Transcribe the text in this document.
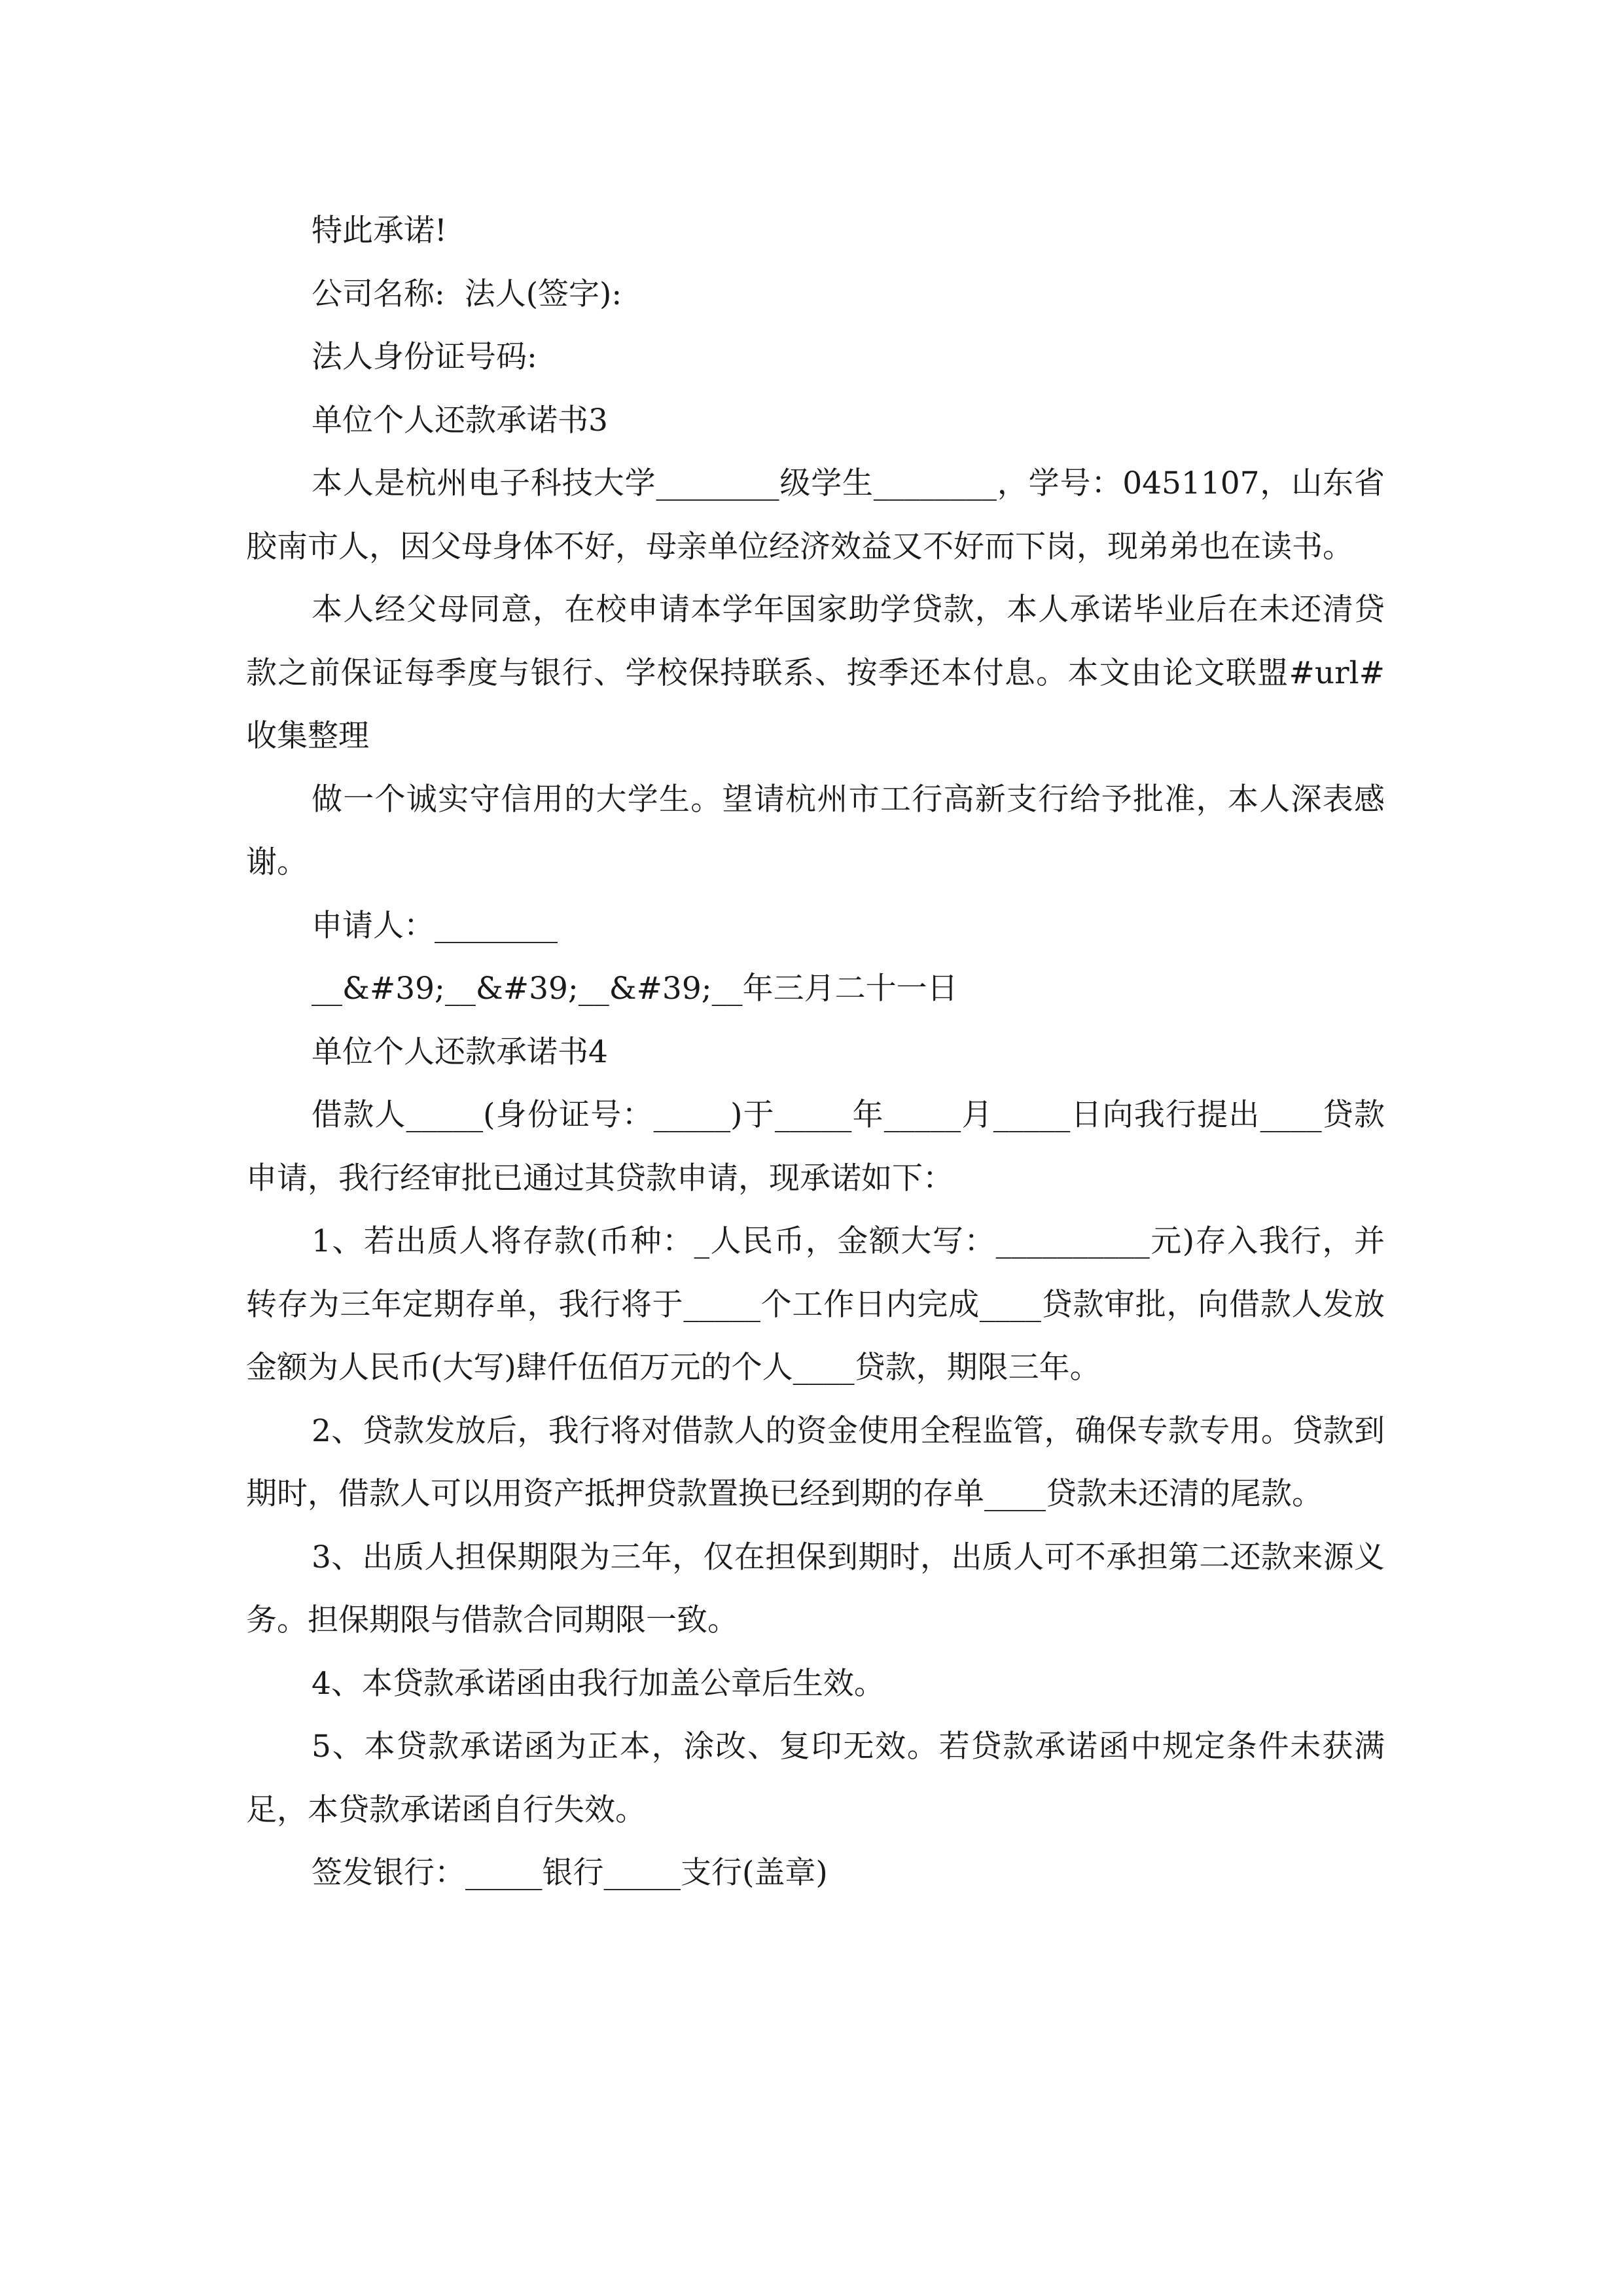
特此承诺!

公司名称:  法人(签字):

法人身份证号码:

单位个人还款承诺书3

本人是杭州电子科技大学________级学生________，学号：0451107，山东省胶南市人，因父母身体不好，母亲单位经济效益又不好而下岗，现弟弟也在读书。

本人经父母同意，在校申请本学年国家助学贷款，本人承诺毕业后在未还清贷款之前保证每季度与银行、学校保持联系、按季还本付息。本文由论文联盟#url#收集整理

做一个诚实守信用的大学生。望请杭州市工行高新支行给予批准，本人深表感谢。

申请人：________

__&#39;__&#39;__&#39;__年三月二十一日

单位个人还款承诺书4

借款人_____(身份证号：_____)于_____年_____月_____日向我行提出____贷款申请，我行经审批已通过其贷款申请，现承诺如下：

1、若出质人将存款(币种：_人民币，金额大写：__________元)存入我行，并转存为三年定期存单，我行将于_____个工作日内完成____贷款审批，向借款人发放金额为人民币(大写)肆仟伍佰万元的个人____贷款，期限三年。

2、贷款发放后，我行将对借款人的资金使用全程监管，确保专款专用。贷款到期时，借款人可以用资产抵押贷款置换已经到期的存单____贷款未还清的尾款。

3、出质人担保期限为三年，仅在担保到期时，出质人可不承担第二还款来源义务。担保期限与借款合同期限一致。

4、本贷款承诺函由我行加盖公章后生效。

5、本贷款承诺函为正本，涂改、复印无效。若贷款承诺函中规定条件未获满足，本贷款承诺函自行失效。

签发银行：_____银行_____支行(盖章)
